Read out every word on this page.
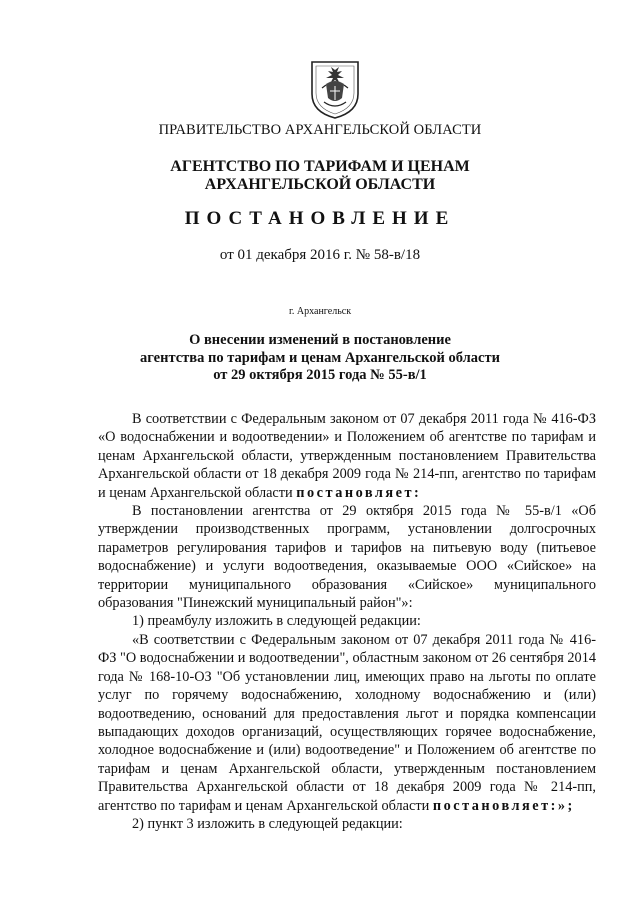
ПРАВИТЕЛЬСТВО АРХАНГЕЛЬСКОЙ ОБЛАСТИ
АГЕНТСТВО ПО ТАРИФАМ И ЦЕНАМ
АРХАНГЕЛЬСКОЙ ОБЛАСТИ
ПОСТАНОВЛЕНИЕ
от 01 декабря 2016 г. № 58-в/18
г. Архангельск
О внесении изменений в постановление
агентства по тарифам и ценам Архангельской области
от 29 октября 2015 года № 55-в/1

В соответствии с Федеральным законом от 07 декабря 2011 года № 416-ФЗ «О водоснабжении и водоотведении» и Положением об агентстве по тарифам и ценам Архангельской области, утвержденным постановлением Правительства Архангельской области от 18 декабря 2009 года № 214-пп, агентство по тарифам и ценам Архангельской области постановляет:

В постановлении агентства от 29 октября 2015 года № 55-в/1 «Об утверждении производственных программ, установлении долгосрочных параметров регулирования тарифов и тарифов на питьевую воду (питьевое водоснабжение) и услуги водоотведения, оказываемые ООО «Сийское» на территории муниципального образования «Сийское» муниципального образования "Пинежский муниципальный район"»:

1) преамбулу изложить в следующей редакции:

«В соответствии с Федеральным законом от 07 декабря 2011 года № 416-ФЗ "О водоснабжении и водоотведении", областным законом от 26 сентября 2014 года № 168-10-ОЗ "Об установлении лиц, имеющих право на льготы по оплате услуг по горячему водоснабжению, холодному водоснабжению и (или) водоотведению, оснований для предоставления льгот и порядка компенсации выпадающих доходов организаций, осуществляющих горячее водоснабжение, холодное водоснабжение и (или) водоотведение" и Положением об агентстве по тарифам и ценам Архангельской области, утвержденным постановлением Правительства Архангельской области от 18 декабря 2009 года № 214-пп, агентство по тарифам и ценам Архангельской области постановляет:»;

2) пункт 3 изложить в следующей редакции:
